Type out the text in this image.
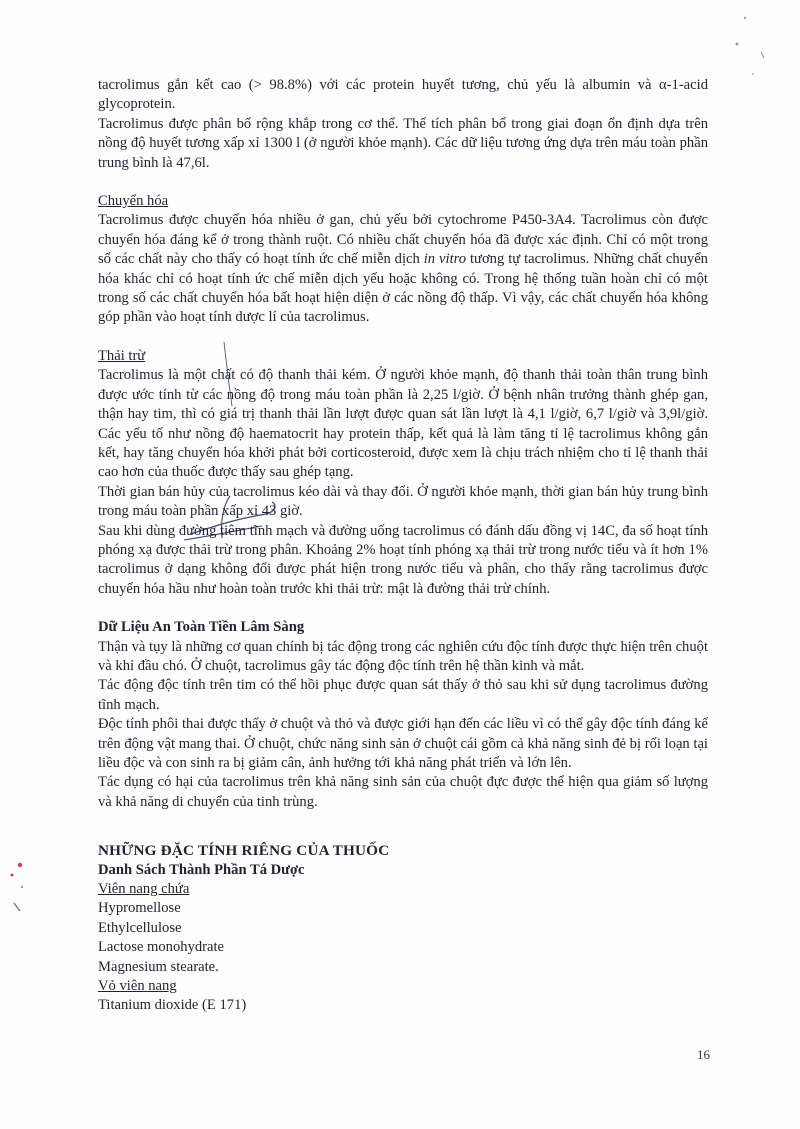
tacrolimus gắn kết cao (> 98.8%) với các protein huyết tương, chủ yếu là albumin và α-1-acid glycoprotein.

Tacrolimus được phân bố rộng khắp trong cơ thể. Thể tích phân bố trong giai đoạn ổn định dựa trên nồng độ huyết tương xấp xỉ 1300 l (ở người khỏe mạnh). Các dữ liệu tương ứng dựa trên máu toàn phần trung bình là 47,6l.

Chuyển hóa

Tacrolimus được chuyển hóa nhiều ở gan, chủ yếu bởi cytochrome P450-3A4. Tacrolimus còn được chuyển hóa đáng kể ở trong thành ruột. Có nhiều chất chuyển hóa đã được xác định. Chỉ có một trong số các chất này cho thấy có hoạt tính ức chế miễn dịch in vitro tương tự tacrolimus. Những chất chuyển hóa khác chỉ có hoạt tính ức chế miễn dịch yếu hoặc không có. Trong hệ thống tuần hoàn chỉ có một trong số các chất chuyển hóa bất hoạt hiện diện ở các nồng độ thấp. Vì vậy, các chất chuyển hóa không góp phần vào hoạt tính dược lí của tacrolimus.

Thải trừ

Tacrolimus là một chất có độ thanh thải kém. Ở người khỏe mạnh, độ thanh thải toàn thân trung bình được ước tính từ các nồng độ trong máu toàn phần là 2,25 l/giờ. Ở bệnh nhân trưởng thành ghép gan, thận hay tim, thì có giá trị thanh thải lần lượt được quan sát lần lượt là 4,1 l/giờ, 6,7 l/giờ và 3,9l/giờ. Các yếu tố như nồng độ haematocrit hay protein thấp, kết quả là làm tăng tỉ lệ tacrolimus không gắn kết, hay tăng chuyển hóa khởi phát bởi corticosteroid, được xem là chịu trách nhiệm cho tỉ lệ thanh thải cao hơn của thuốc được thấy sau ghép tạng.

Thời gian bán hủy của tacrolimus kéo dài và thay đổi. Ở người khỏe mạnh, thời gian bán hủy trung bình trong máu toàn phần xấp xỉ 43 giờ.

Sau khi dùng đường tiêm tĩnh mạch và đường uống tacrolimus có đánh dấu đồng vị 14C, đa số hoạt tính phóng xạ được thải trừ trong phân. Khoảng 2% hoạt tính phóng xạ thải trừ trong nước tiểu và ít hơn 1% tacrolimus ở dạng không đổi được phát hiện trong nước tiểu và phân, cho thấy rằng tacrolimus được chuyển hóa hầu như hoàn toàn trước khi thải trừ: mật là đường thải trừ chính.

Dữ Liệu An Toàn Tiền Lâm Sàng

Thận và tụy là những cơ quan chính bị tác động trong các nghiên cứu độc tính được thực hiện trên chuột và khỉ đầu chó. Ở chuột, tacrolimus gây tác động độc tính trên hệ thần kinh và mắt.

Tác động độc tính trên tim có thể hồi phục được quan sát thấy ở thỏ sau khi sử dụng tacrolimus đường tĩnh mạch.

Độc tính phôi thai được thấy ở chuột và thỏ và được giới hạn đến các liều vì có thể gây độc tính đáng kể trên động vật mang thai. Ở chuột, chức năng sinh sản ở chuột cái gồm cả khả năng sinh đẻ bị rối loạn tại liều độc và con sinh ra bị giảm cân, ảnh hưởng tới khả năng phát triển và lớn lên.

Tác dụng có hại của tacrolimus trên khả năng sinh sản của chuột đực được thể hiện qua giảm số lượng và khả năng di chuyển của tinh trùng.

NHỮNG ĐẶC TÍNH RIÊNG CỦA THUỐC

Danh Sách Thành Phần Tá Dược

Viên nang chứa

Hypromellose

Ethylcellulose

Lactose monohydrate

Magnesium stearate.

Vỏ viên nang

Titanium dioxide (E 171)

16
